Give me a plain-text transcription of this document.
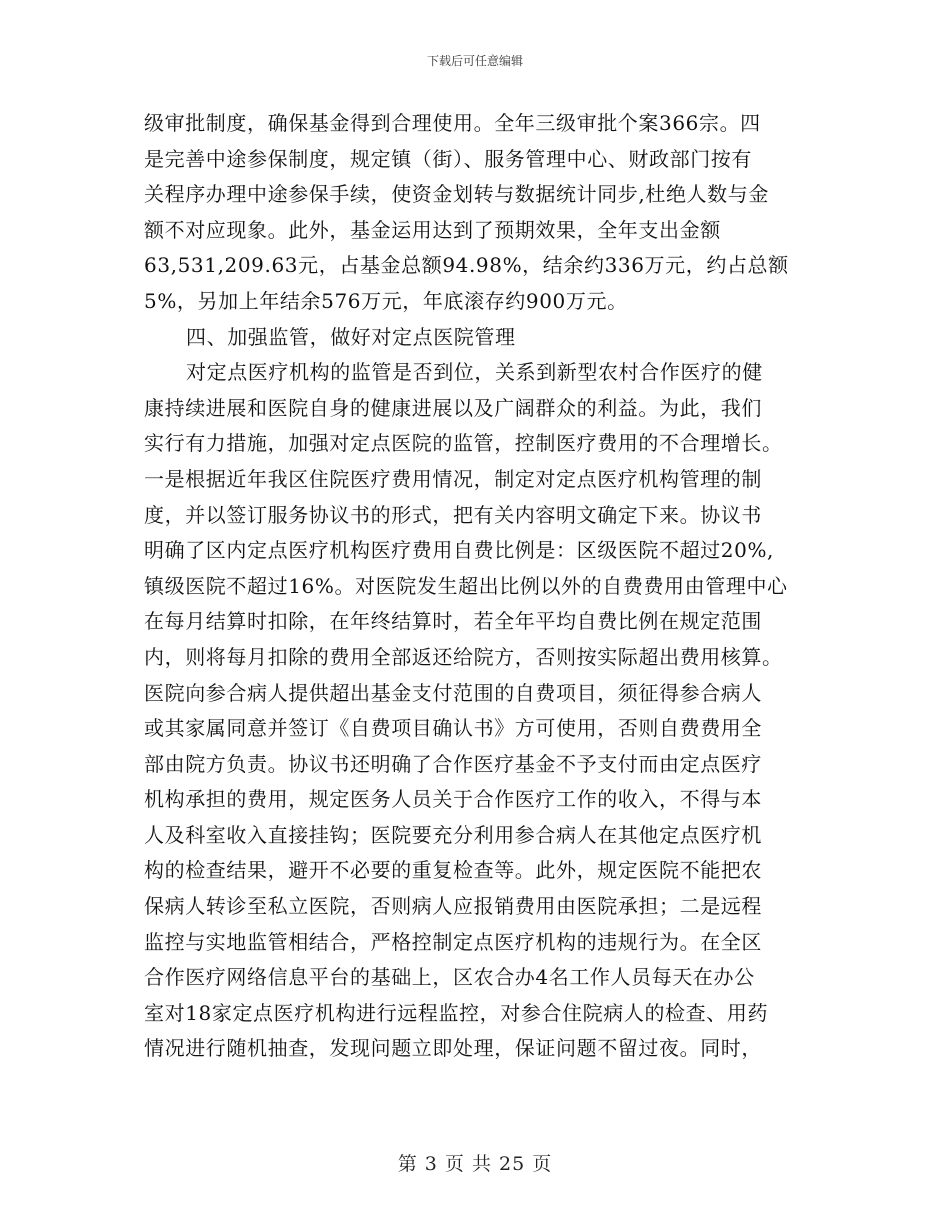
下载后可任意编辑
级审批制度，确保基金得到合理使用。全年三级审批个案366宗。四
是完善中途参保制度，规定镇（街）、服务管理中心、财政部门按有
关程序办理中途参保手续，使资金划转与数据统计同步,杜绝人数与金
额不对应现象。此外，基金运用达到了预期效果，全年支出金额
63,531,209.63元，占基金总额94.98%，结余约336万元，约占总额
5%，另加上年结余576万元，年底滚存约900万元。
四、加强监管，做好对定点医院管理
对定点医疗机构的监管是否到位，关系到新型农村合作医疗的健
康持续进展和医院自身的健康进展以及广阔群众的利益。为此，我们
实行有力措施，加强对定点医院的监管，控制医疗费用的不合理增长。
一是根据近年我区住院医疗费用情况，制定对定点医疗机构管理的制
度，并以签订服务协议书的形式，把有关内容明文确定下来。协议书
明确了区内定点医疗机构医疗费用自费比例是：区级医院不超过20%,
镇级医院不超过16%。对医院发生超出比例以外的自费费用由管理中心
在每月结算时扣除，在年终结算时，若全年平均自费比例在规定范围
内，则将每月扣除的费用全部返还给院方，否则按实际超出费用核算。
医院向参合病人提供超出基金支付范围的自费项目，须征得参合病人
或其家属同意并签订《自费项目确认书》方可使用，否则自费费用全
部由院方负责。协议书还明确了合作医疗基金不予支付而由定点医疗
机构承担的费用，规定医务人员关于合作医疗工作的收入，不得与本
人及科室收入直接挂钩；医院要充分利用参合病人在其他定点医疗机
构的检查结果，避开不必要的重复检查等。此外，规定医院不能把农
保病人转诊至私立医院，否则病人应报销费用由医院承担；二是远程
监控与实地监管相结合，严格控制定点医疗机构的违规行为。在全区
合作医疗网络信息平台的基础上，区农合办4名工作人员每天在办公
室对18家定点医疗机构进行远程监控，对参合住院病人的检查、用药
情况进行随机抽查，发现问题立即处理，保证问题不留过夜。同时，
第 3 页 共 25 页
